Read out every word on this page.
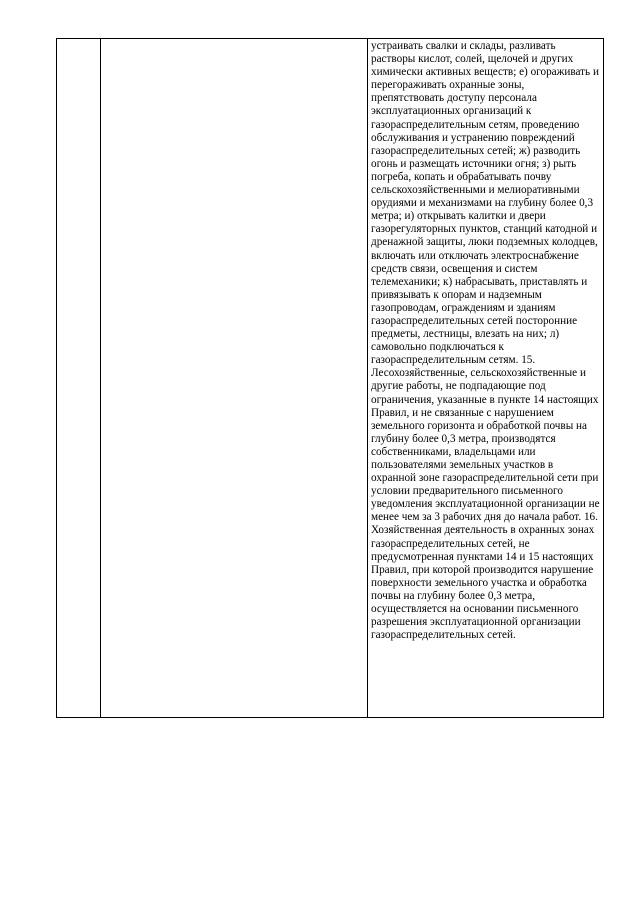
устраивать свалки и склады, разливать растворы кислот, солей, щелочей и других химически активных веществ; е) огораживать и перегораживать охранные зоны, препятствовать доступу персонала эксплуатационных организаций к газораспределительным сетям, проведению обслуживания и устранению повреждений газораспределительных сетей; ж) разводить огонь и размещать источники огня; з) рыть погреба, копать и обрабатывать почву сельскохозяйственными и мелиоративными орудиями и механизмами на глубину более 0,3 метра; и) открывать калитки и двери газорегуляторных пунктов, станций катодной и дренажной защиты, люки подземных колодцев, включать или отключать электроснабжение средств связи, освещения и систем телемеханики; к) набрасывать, приставлять и привязывать к опорам и надземным газопроводам, ограждениям и зданиям газораспределительных сетей посторонние предметы, лестницы, влезать на них; л) самовольно подключаться к газораспределительным сетям. 15. Лесохозяйственные, сельскохозяйственные и другие работы, не подпадающие под ограничения, указанные в пункте 14 настоящих Правил, и не связанные с нарушением земельного горизонта и обработкой почвы на глубину более 0,3 метра, производятся собственниками, владельцами или пользователями земельных участков в охранной зоне газораспределительной сети при условии предварительного письменного уведомления эксплуатационной организации не менее чем за 3 рабочих дня до начала работ. 16. Хозяйственная деятельность в охранных зонах газораспределительных сетей, не предусмотренная пунктами 14 и 15 настоящих Правил, при которой производится нарушение поверхности земельного участка и обработка почвы на глубину более 0,3 метра, осуществляется на основании письменного разрешения эксплуатационной организации газораспределительных сетей.
